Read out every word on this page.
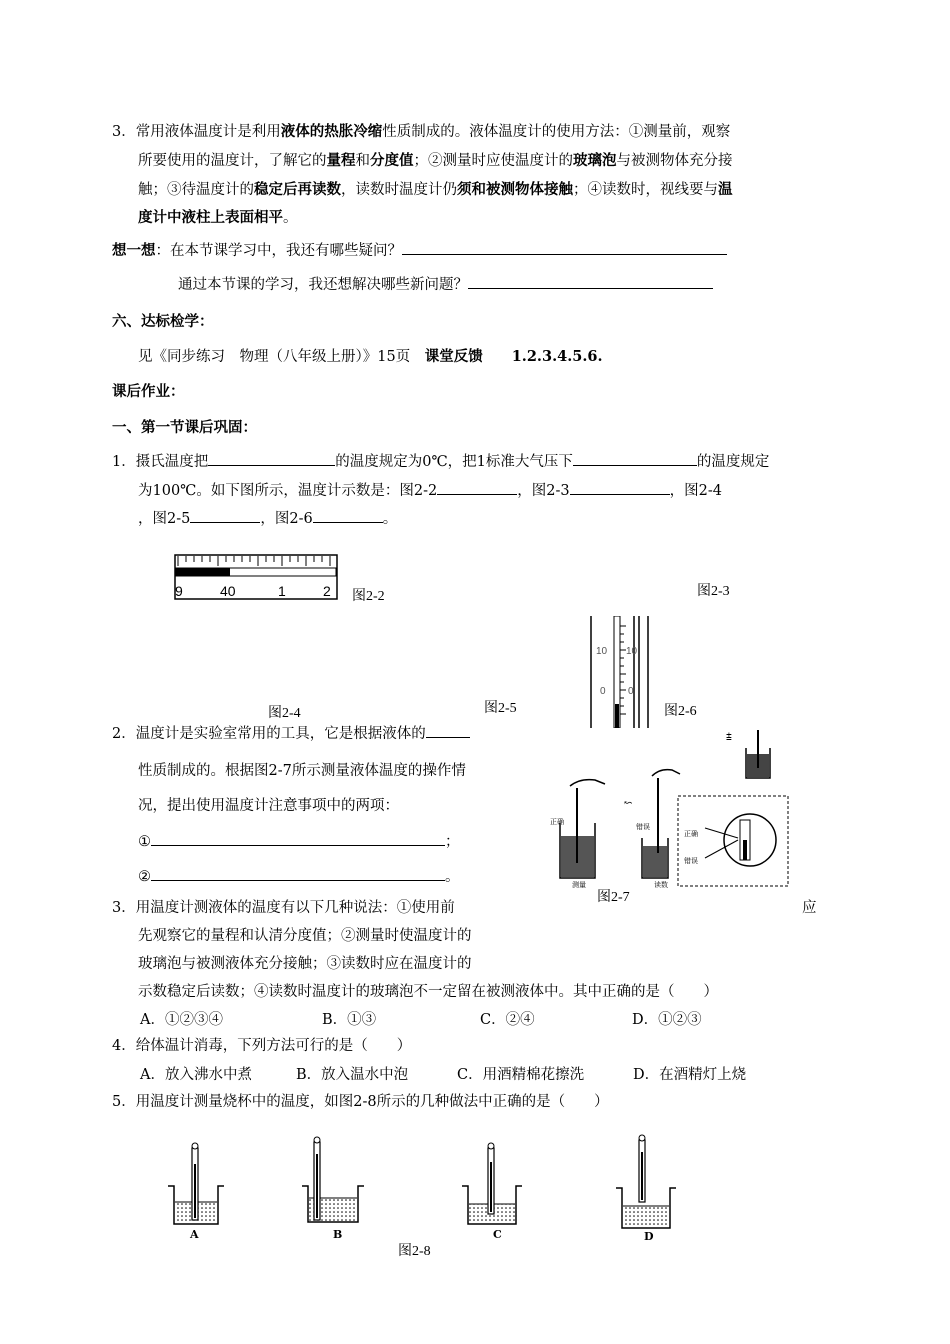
3．常用液体温度计是利用液体的热胀冷缩性质制成的。液体温度计的使用方法：①测量前，观察
所要使用的温度计，了解它的量程和分度值；②测量时应使温度计的玻璃泡与被测物体充分接
触；③待温度计的稳定后再读数，读数时温度计仍须和被测物体接触；④读数时，视线要与温
度计中液柱上表面相平。
想一想：在本节课学习中，我还有哪些疑问？
通过本节课的学习，我还想解决哪些新问题？
六、达标检学：
见《同步练习　物理（八年级上册）》15页　 课堂反馈　　 1.2.3.4.5.6.
课后作业：
一、第一节课后巩固：
1．摄氏温度把	的温度规定为0℃，把1标准大气压下	的温度规定
为100℃。如下图所示，温度计示数是：图2-2	，图2-3	，图2-4
，图2-5	，图2-6	。
9	40	1	2 图2-2	图2-3
10 10
0 0
图2-4	图2-5	图2-6
2．温度计是实验室常用的工具，它是根据液体的
性质制成的。根据图2-7所示测量液体温度的操作情
况，提出使用温度计注意事项中的两项：
①	；
②	。
正确
↜
错误
⩲
正确
错误
测量	读数
图2-7
3．用温度计测液体的温度有以下几种说法：①使用前	应
先观察它的量程和认清分度值；②测量时使温度计的
玻璃泡与被测液体充分接触；③读数时应在温度计的
示数稳定后读数；④读数时温度计的玻璃泡不一定留在被测液体中。其中正确的是（　　）
A．①②③④	B．①③	C．②④	D．①②③
4．给体温计消毒，下列方法可行的是（　　）
A．放入沸水中煮	B．放入温水中泡	C．用酒精棉花擦洗	D．在酒精灯上烧
5．用温度计测量烧杯中的温度，如图2-8所示的几种做法中正确的是（　　）
A	B	C	D
图2-8
